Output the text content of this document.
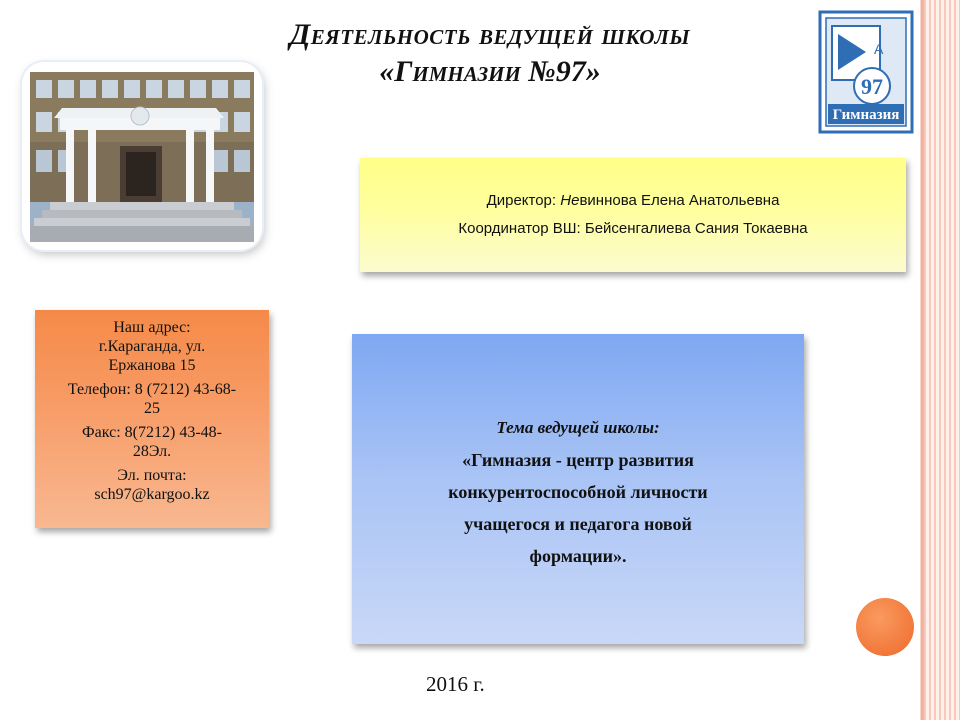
Деятельность ведущей школы
«Гимназии №97»
А
97
Гимназия
Директор: Невиннова Елена Анатольевна
Координатор ВШ: Бейсенгалиева Сания Токаевна

Наш адрес:

г.Караганда, ул.

Ержанова 15

Телефон: 8 (7212) 43-68-

25

Факс: 8(7212) 43-48-

28Эл.

Эл. почта:

sch97@kargoo.kz

Тема ведущей школы:
«Гимназия - центр развития
конкурентоспособной личности
учащегося и педагога новой
формации».
2016 г.
